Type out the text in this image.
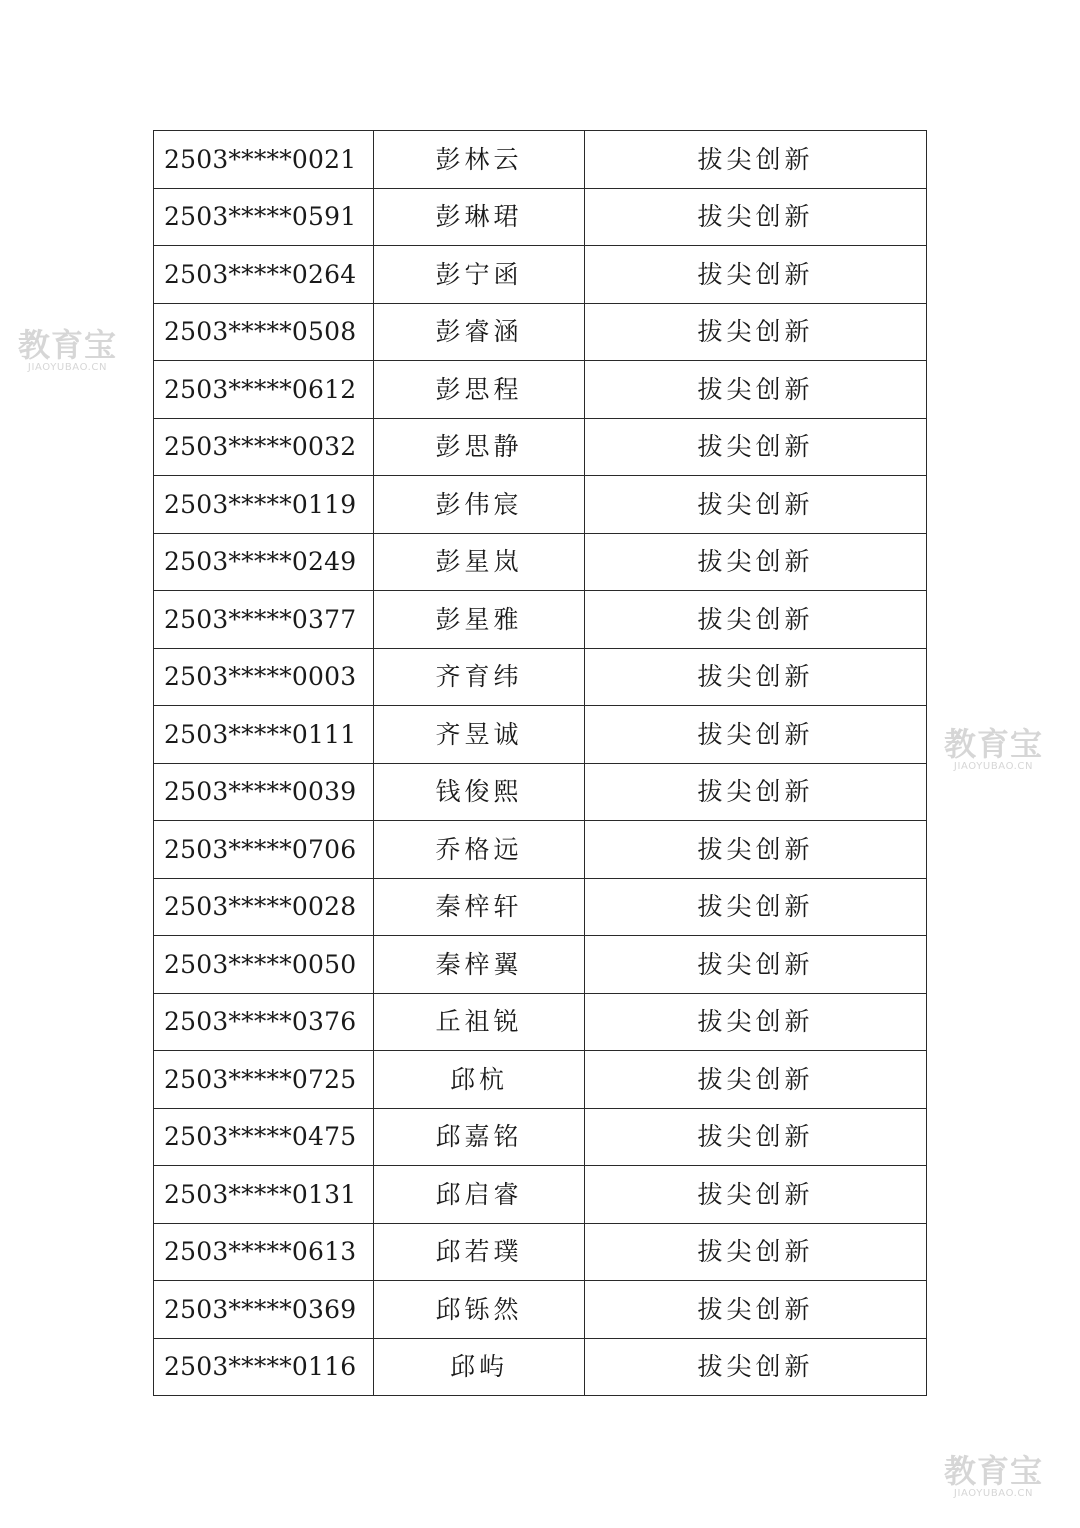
教育宝
JIAOYUBAO.CN
教育宝
JIAOYUBAO.CN
教育宝
JIAOYUBAO.CN
2503*****0021	彭林云	拔尖创新
2503*****0591	彭琳珺	拔尖创新
2503*****0264	彭宁函	拔尖创新
2503*****0508	彭睿涵	拔尖创新
2503*****0612	彭思程	拔尖创新
2503*****0032	彭思静	拔尖创新
2503*****0119	彭伟宸	拔尖创新
2503*****0249	彭星岚	拔尖创新
2503*****0377	彭星雅	拔尖创新
2503*****0003	齐育纬	拔尖创新
2503*****0111	齐昱诚	拔尖创新
2503*****0039	钱俊熙	拔尖创新
2503*****0706	乔格远	拔尖创新
2503*****0028	秦梓轩	拔尖创新
2503*****0050	秦梓翼	拔尖创新
2503*****0376	丘祖锐	拔尖创新
2503*****0725	邱杭	拔尖创新
2503*****0475	邱嘉铭	拔尖创新
2503*****0131	邱启睿	拔尖创新
2503*****0613	邱若璞	拔尖创新
2503*****0369	邱铄然	拔尖创新
2503*****0116	邱屿	拔尖创新
